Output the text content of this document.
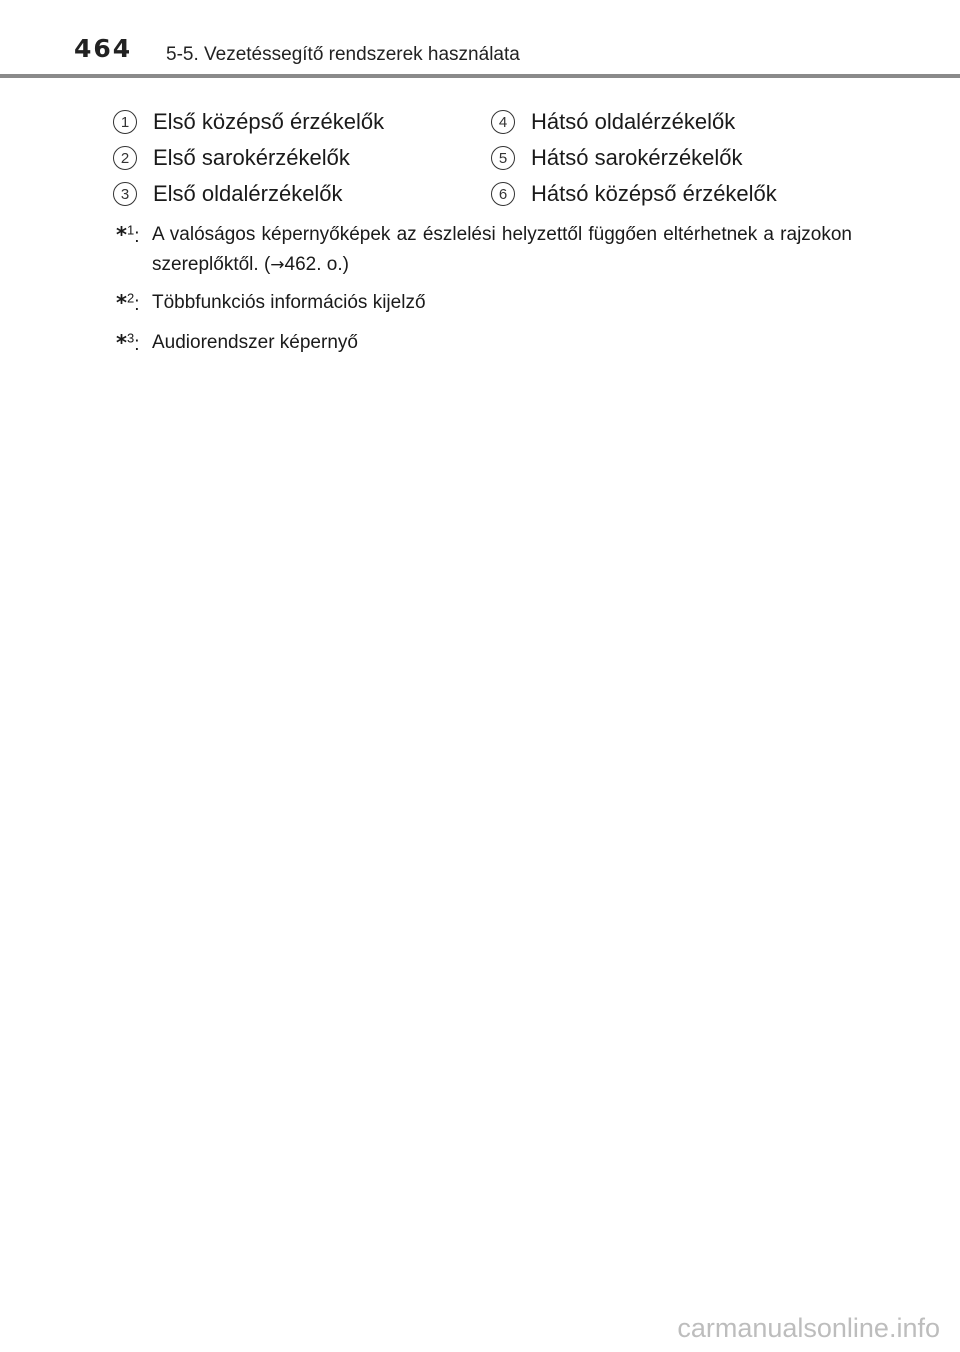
464 5-5. Vezetéssegítő rendszerek használata
1	Első középső érzékelők
2	Első sarokérzékelők
3	Első oldalérzékelők
4	Hátsó oldalérzékelők
5	Hátsó sarokérzékelők
6	Hátsó középső érzékelők
*$^1$: A valóságos képernyőképek az észlelési helyzettől függően eltérhetnek a rajzokon szereplőktől. (→462. o.)
*$^2$: Többfunkciós információs kijelző
*$^3$: Audiorendszer képernyő
carmanualsonline.info
